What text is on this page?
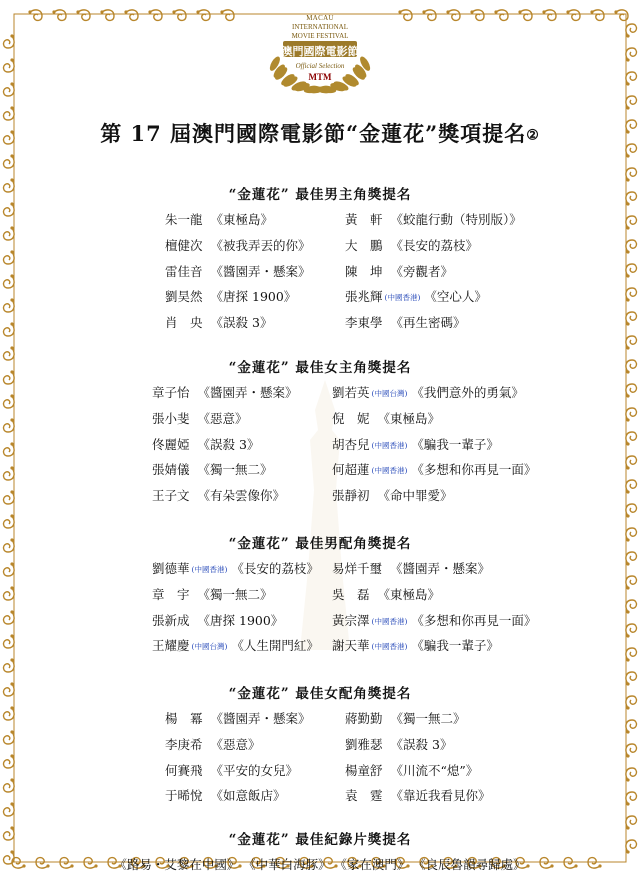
MACAU
INTERNATIONAL
MOVIE FESTIVAL
澳門國際電影節
Official Selection
MTM
第 17 屆澳門國際電影節“金蓮花”獎項提名②
“金蓮花” 最佳男主角獎提名
朱一龍 《東極島》	黃　軒 《蛟龍行動（特別版）》
檀健次 《被我弄丟的你》	大　鵬 《長安的荔枝》
雷佳音 《醬園弄・懸案》	陳　坤 《旁觀者》
劉昊然 《唐探 1900》	張兆輝 (中國香港) 《空心人》
肖　央 《誤殺 3》	李東學 《再生密碼》
“金蓮花” 最佳女主角獎提名
章子怡 《醬園弄・懸案》	劉若英 (中國台灣) 《我們意外的勇氣》
張小斐 《惡意》	倪　妮 《東極島》
佟麗婭 《誤殺 3》	胡杏兒 (中國香港) 《騙我一輩子》
張婧儀 《獨一無二》	何超蓮 (中國香港) 《多想和你再見一面》
王子文 《有朵雲像你》	張靜初 《命中罪愛》
“金蓮花” 最佳男配角獎提名
劉德華 (中國香港) 《長安的荔枝》 易烊千璽 《醬園弄・懸案》
章　宇 《獨一無二》	吳　磊 《東極島》
張新成 《唐探 1900》	黃宗澤 (中國香港) 《多想和你再見一面》
王耀慶 (中國台灣) 《人生開門紅》 謝天華 (中國香港) 《騙我一輩子》
“金蓮花” 最佳女配角獎提名
楊　冪 《醬園弄・懸案》	蔣勤勤 《獨一無二》
李庚希 《惡意》	劉雅瑟 《誤殺 3》
何賽飛 《平安的女兒》	楊童舒 《川流不“熄”》
于晞悅 《如意飯店》	袁　霆 《靠近我看見你》
“金蓮花” 最佳紀錄片獎提名
《路易・艾黎在中國》 《中華白海豚》 《家在澳門》 《良辰魯韻尋歸處》
